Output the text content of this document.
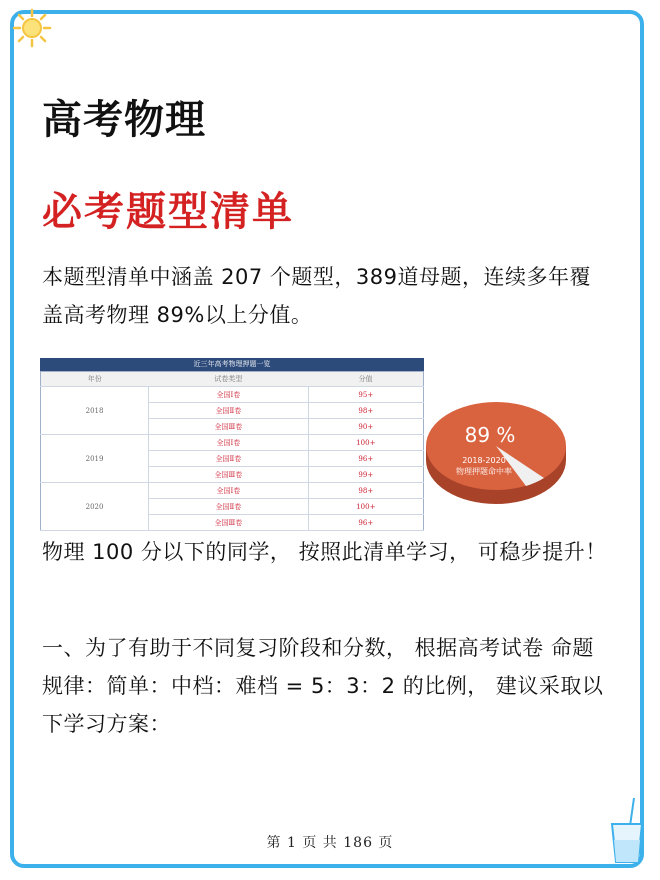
高考物理
必考题型清单
本题型清单中涵盖 207 个题型，389道母题，连续多年覆盖高考物理 89%以上分值。
近三年高考物理押题一览
年份	试卷类型	分值
2018	全国Ⅰ卷	95+
	全国Ⅱ卷	98+
	全国Ⅲ卷	90+
2019	全国Ⅰ卷	100+
	全国Ⅱ卷	96+
	全国Ⅲ卷	99+
2020	全国Ⅰ卷	98+
	全国Ⅱ卷	100+
	全国Ⅲ卷	96+
89 %
2018-2020
物理押题命中率
物理 100 分以下的同学， 按照此清单学习， 可稳步提升！
一、为了有助于不同复习阶段和分数， 根据高考试卷 命题规律：简单：中档：难档 = 5：3：2 的比例， 建议采取以下学习方案：
第 1 页 共 186 页
